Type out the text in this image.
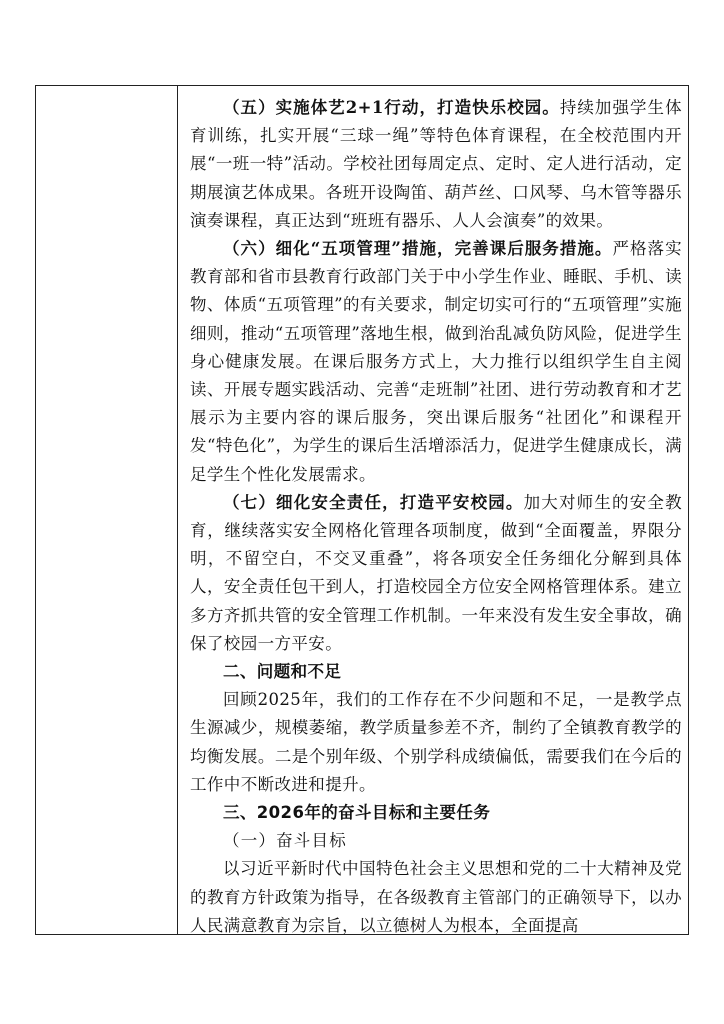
（五）实施体艺2+1行动，打造快乐校园。持续加强学生体育训练，扎实开展“三球一绳”等特色体育课程，在全校范围内开展“一班一特”活动。学校社团每周定点、定时、定人进行活动，定期展演艺体成果。各班开设陶笛、葫芦丝、口风琴、乌木管等器乐演奏课程，真正达到“班班有器乐、人人会演奏”的效果。

（六）细化“五项管理”措施，完善课后服务措施。严格落实教育部和省市县教育行政部门关于中小学生作业、睡眠、手机、读物、体质“五项管理”的有关要求，制定切实可行的“五项管理”实施细则，推动“五项管理”落地生根，做到治乱减负防风险，促进学生身心健康发展。在课后服务方式上，大力推行以组织学生自主阅读、开展专题实践活动、完善“走班制”社团、进行劳动教育和才艺展示为主要内容的课后服务，突出课后服务“社团化”和课程开发“特色化”，为学生的课后生活增添活力，促进学生健康成长，满足学生个性化发展需求。

（七）细化安全责任，打造平安校园。加大对师生的安全教育，继续落实安全网格化管理各项制度，做到“全面覆盖，界限分明，不留空白，不交叉重叠”，将各项安全任务细化分解到具体人，安全责任包干到人，打造校园全方位安全网格管理体系。建立多方齐抓共管的安全管理工作机制。一年来没有发生安全事故，确保了校园一方平安。

二、问题和不足

回顾2025年，我们的工作存在不少问题和不足，一是教学点生源减少，规模萎缩，教学质量参差不齐，制约了全镇教育教学的均衡发展。二是个别年级、个别学科成绩偏低，需要我们在今后的工作中不断改进和提升。

三、2026年的奋斗目标和主要任务

（一）奋斗目标

以习近平新时代中国特色社会主义思想和党的二十大精神及党的教育方针政策为指导，在各级教育主管部门的正确领导下，以办人民满意教育为宗旨，以立德树人为根本，全面提高
